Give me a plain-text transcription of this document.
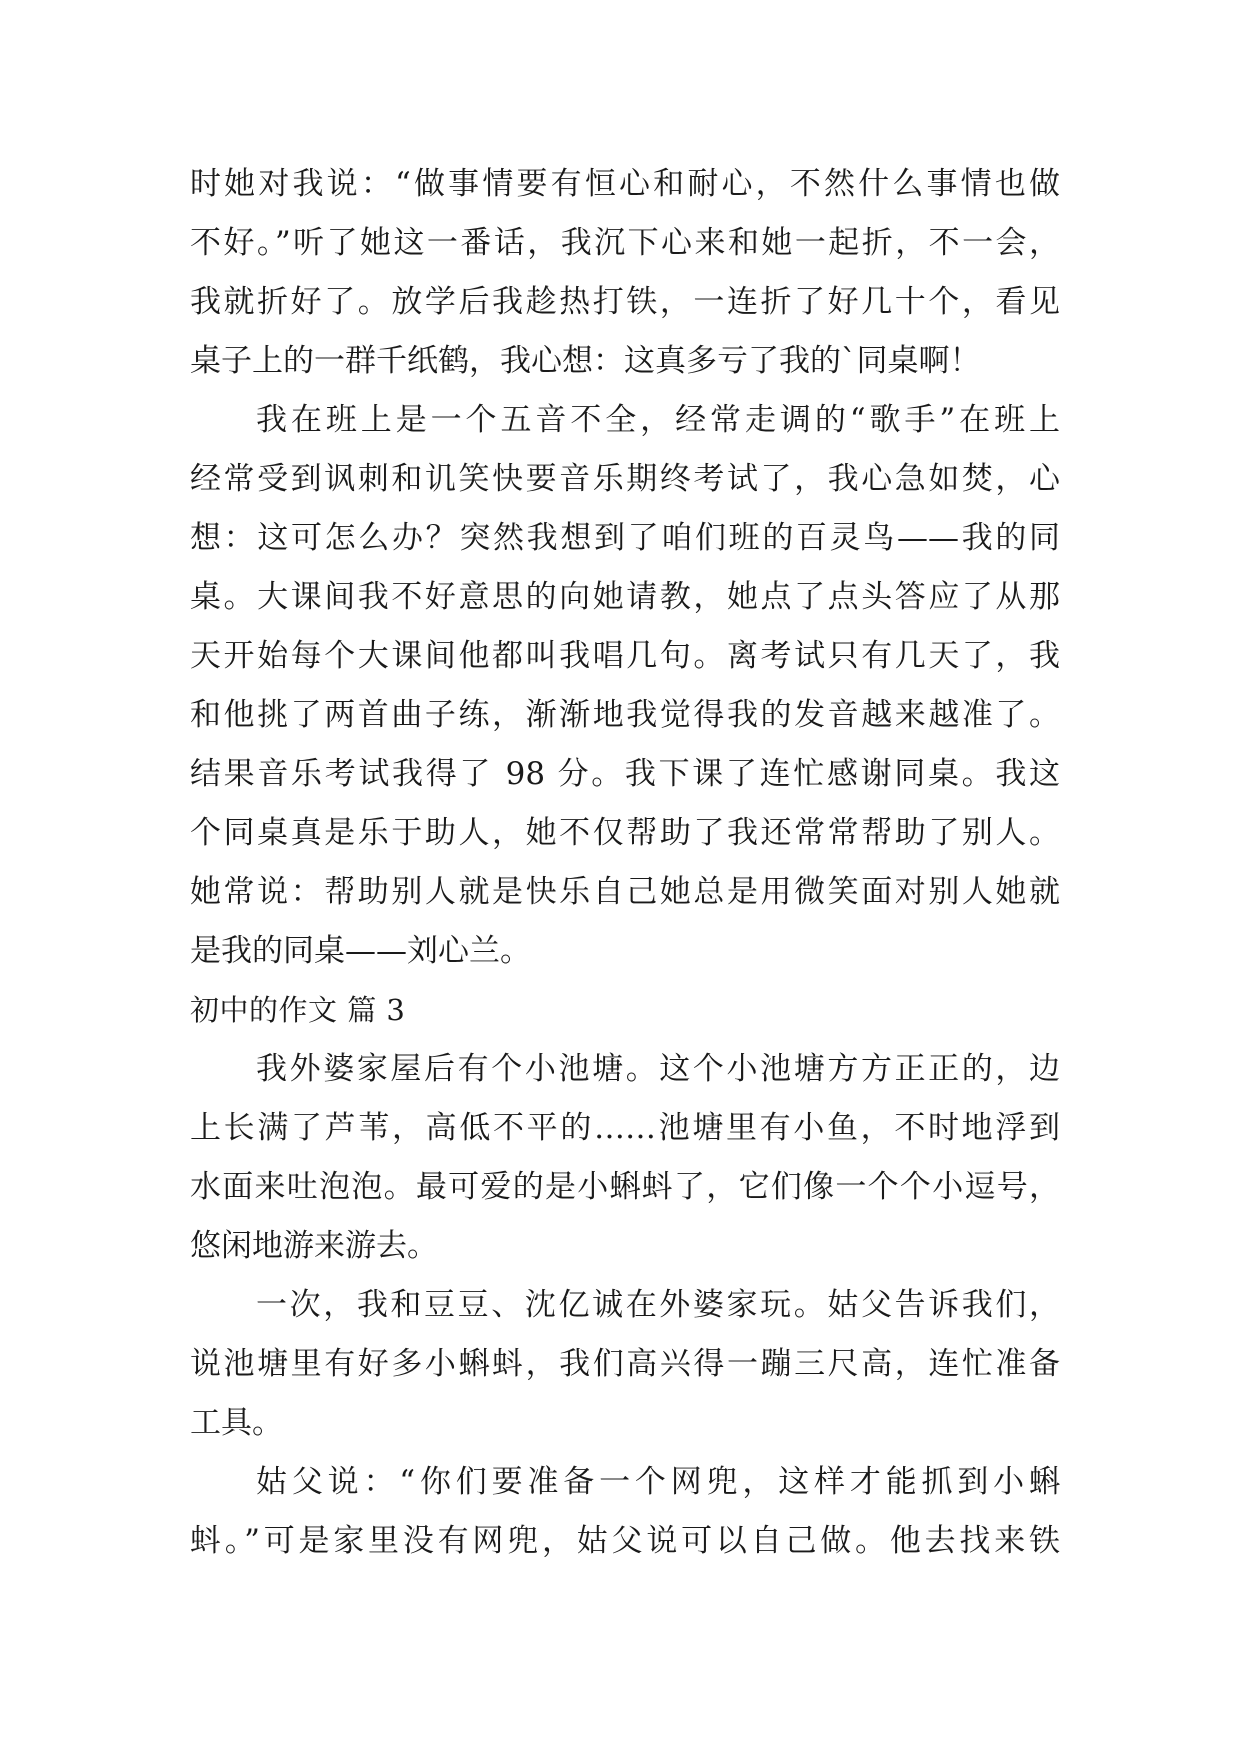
时她对我说：“做事情要有恒心和耐心，不然什么事情也做
不好。”听了她这一番话，我沉下心来和她一起折，不一会，
我就折好了。放学后我趁热打铁，一连折了好几十个，看见
桌子上的一群千纸鹤，我心想：这真多亏了我的`同桌啊！
我在班上是一个五音不全，经常走调的“歌手”在班上
经常受到讽刺和讥笑快要音乐期终考试了，我心急如焚，心
想：这可怎么办？突然我想到了咱们班的百灵鸟——我的同
桌。大课间我不好意思的向她请教，她点了点头答应了从那
天开始每个大课间他都叫我唱几句。离考试只有几天了，我
和他挑了两首曲子练，渐渐地我觉得我的发音越来越准了。
结果音乐考试我得了 98 分。我下课了连忙感谢同桌。我这
个同桌真是乐于助人，她不仅帮助了我还常常帮助了别人。
她常说：帮助别人就是快乐自己她总是用微笑面对别人她就
是我的同桌——刘心兰。
初中的作文 篇 3
我外婆家屋后有个小池塘。这个小池塘方方正正的，边
上长满了芦苇，高低不平的……池塘里有小鱼，不时地浮到
水面来吐泡泡。最可爱的是小蝌蚪了，它们像一个个小逗号，
悠闲地游来游去。
一次，我和豆豆、沈亿诚在外婆家玩。姑父告诉我们，
说池塘里有好多小蝌蚪，我们高兴得一蹦三尺高，连忙准备
工具。
姑父说：“你们要准备一个网兜，这样才能抓到小蝌
蚪。”可是家里没有网兜，姑父说可以自己做。他去找来铁
